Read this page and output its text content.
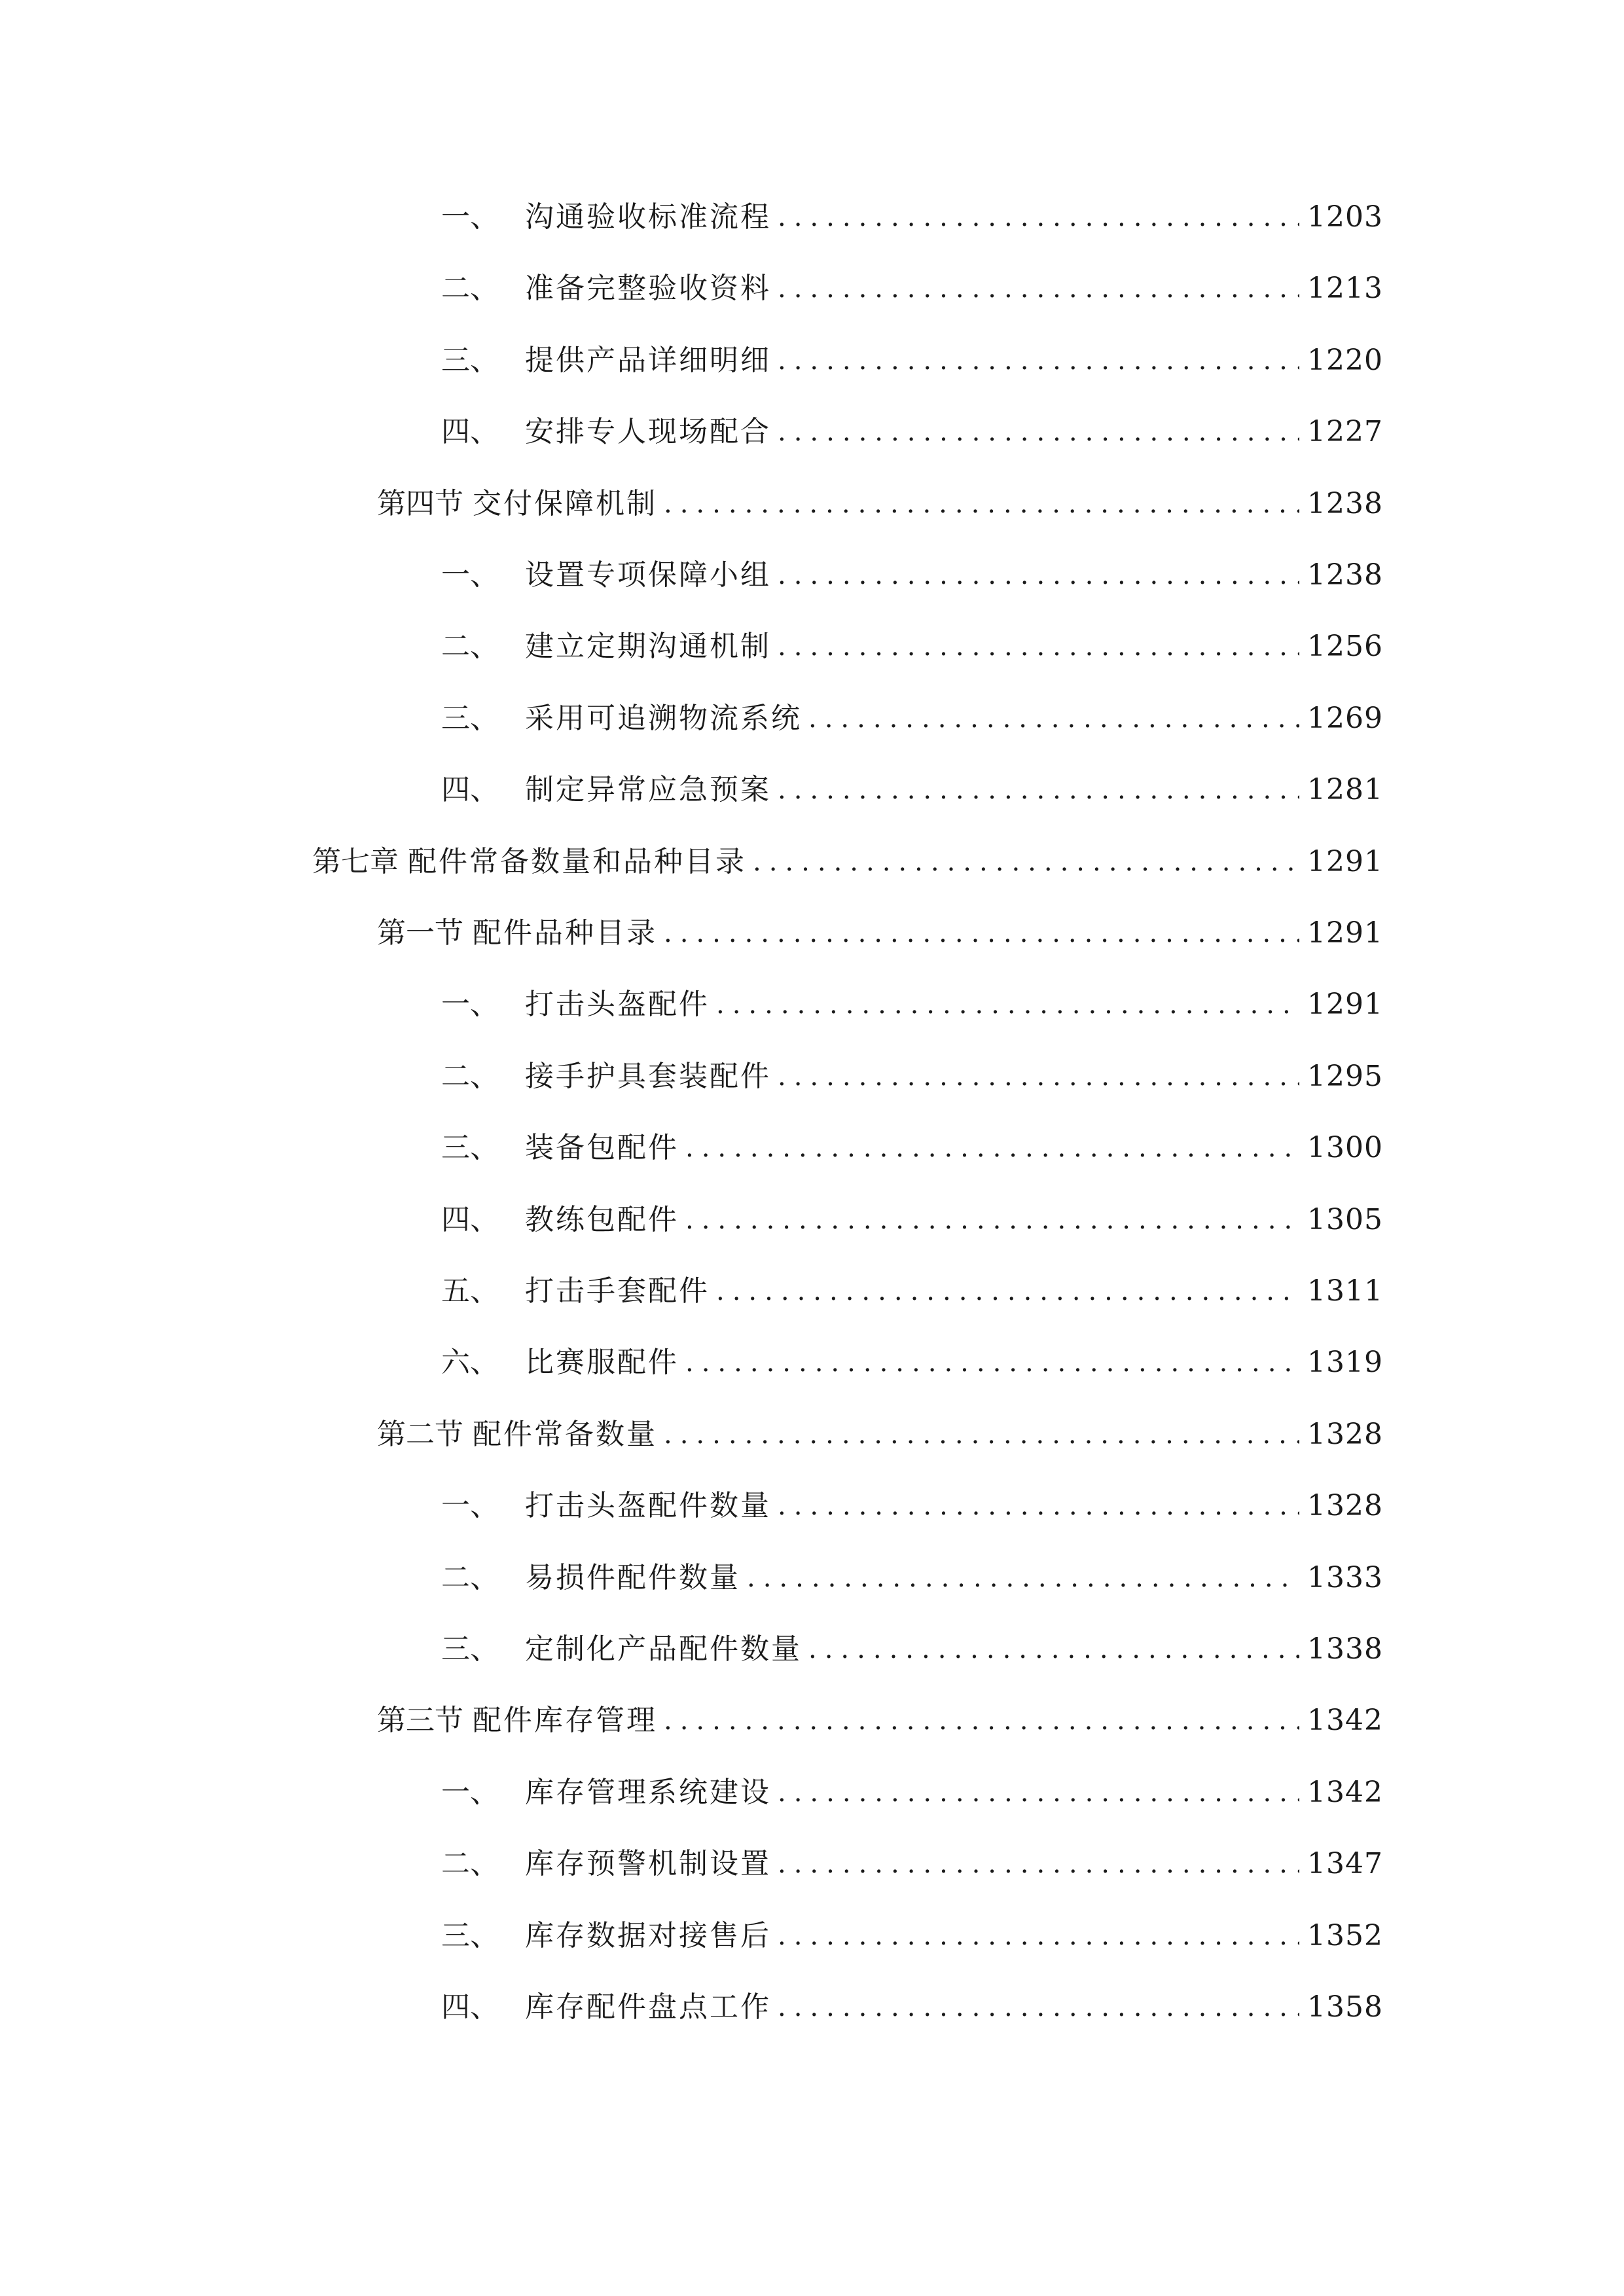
一、 沟通验收标准流程 .....	1203
二、 准备完整验收资料 .....	1213
三、 提供产品详细明细 .....	1220
四、 安排专人现场配合 .....	1227
第四节 交付保障机制 .....	1238
一、 设置专项保障小组 .....	1238
二、 建立定期沟通机制 .....	1256
三、 采用可追溯物流系统 .....	1269
四、 制定异常应急预案 .....	1281
第七章 配件常备数量和品种目录 .....	1291
第一节 配件品种目录 .....	1291
一、 打击头盔配件 .....	1291
二、 接手护具套装配件 .....	1295
三、 装备包配件 .....	1300
四、 教练包配件 .....	1305
五、 打击手套配件 .....	1311
六、 比赛服配件 .....	1319
第二节 配件常备数量 .....	1328
一、 打击头盔配件数量 .....	1328
二、 易损件配件数量 .....	1333
三、 定制化产品配件数量 .....	1338
第三节 配件库存管理 .....	1342
一、 库存管理系统建设 .....	1342
二、 库存预警机制设置 .....	1347
三、 库存数据对接售后 .....	1352
四、 库存配件盘点工作 .....	1358
